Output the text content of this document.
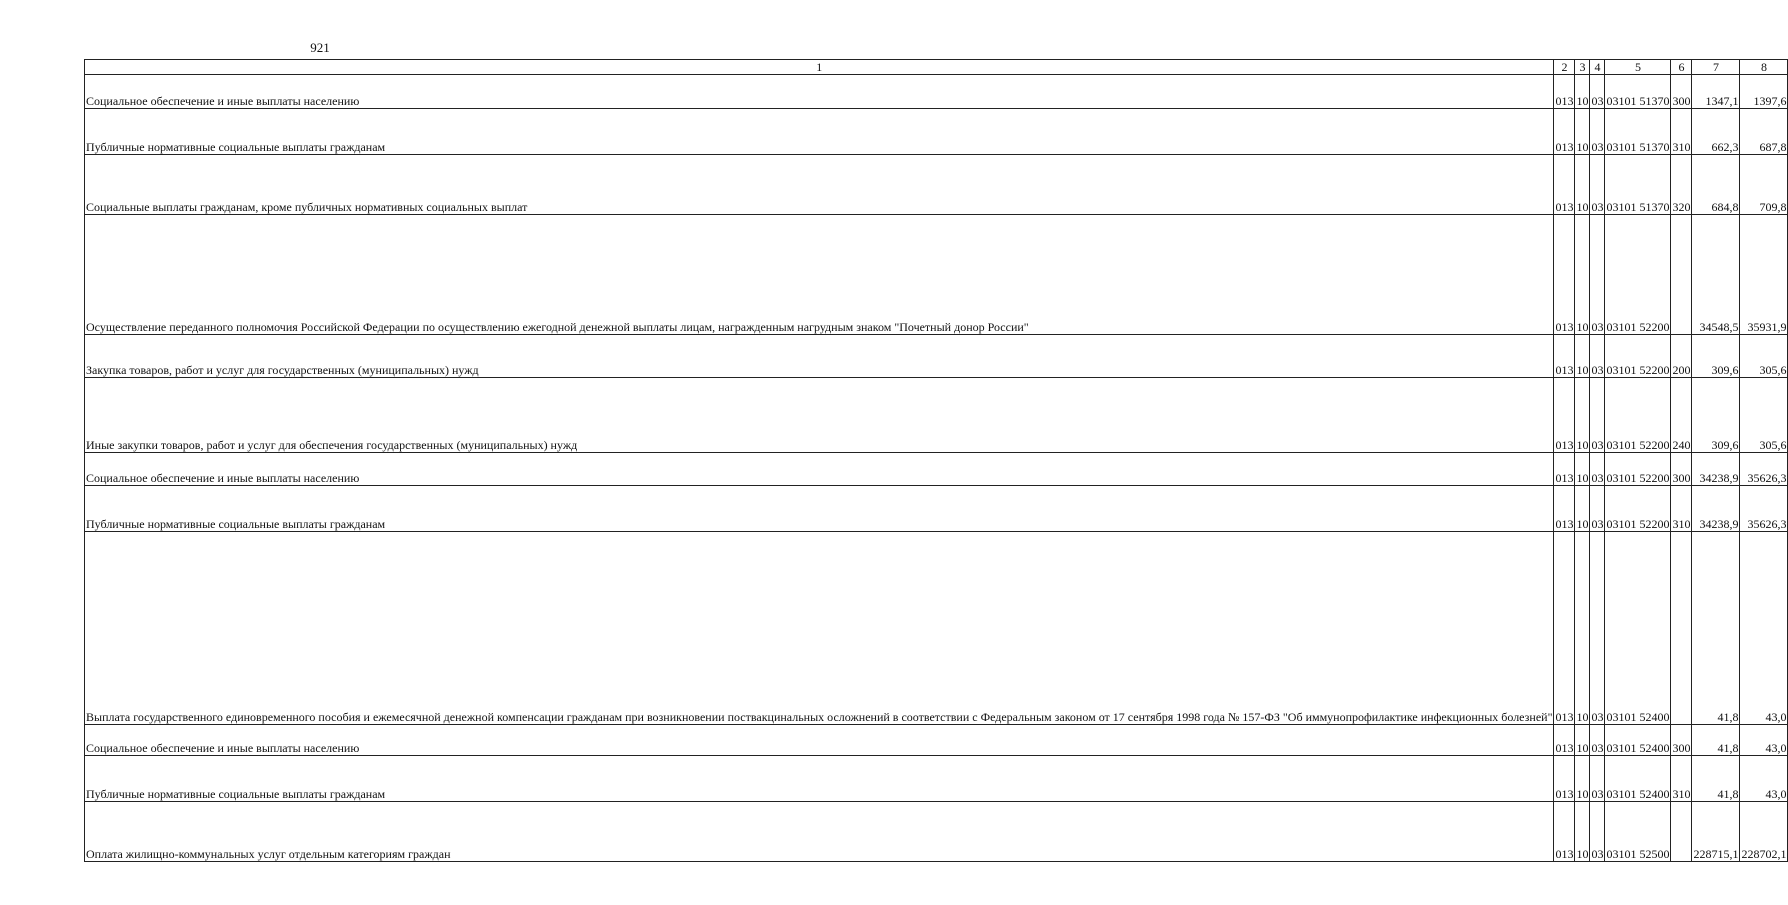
921
1	2	3	4	5	6	7	8
Социальное обеспечение и иные выплаты населению	013	10	03	03101 51370	300	1347,1	1397,6
Публичные нормативные социальные выплаты гражданам	013	10	03	03101 51370	310	662,3	687,8
Социальные выплаты гражданам, кроме публичных нормативных социальных выплат	013	10	03	03101 51370	320	684,8	709,8
Осуществление переданного полномочия Российской Федерации по осуществлению ежегодной денежной выплаты лицам, награжденным нагрудным знаком "Почетный донор России"	013	10	03	03101 52200		34548,5	35931,9
Закупка товаров, работ и услуг для государственных (муниципальных) нужд	013	10	03	03101 52200	200	309,6	305,6
Иные закупки товаров, работ и услуг для обеспечения государственных (муниципальных) нужд	013	10	03	03101 52200	240	309,6	305,6
Социальное обеспечение и иные выплаты населению	013	10	03	03101 52200	300	34238,9	35626,3
Публичные нормативные социальные выплаты гражданам	013	10	03	03101 52200	310	34238,9	35626,3
Выплата государственного единовременного пособия и ежемесячной денежной компенсации гражданам при возникновении поствакцинальных осложнений в соответствии с Федеральным законом от 17 сентября 1998 года № 157-ФЗ "Об иммунопрофилактике инфекционных болезней"	013	10	03	03101 52400		41,8	43,0
Социальное обеспечение и иные выплаты населению	013	10	03	03101 52400	300	41,8	43,0
Публичные нормативные социальные выплаты гражданам	013	10	03	03101 52400	310	41,8	43,0
Оплата жилищно-коммунальных услуг отдельным категориям граждан	013	10	03	03101 52500		228715,1	228702,1
